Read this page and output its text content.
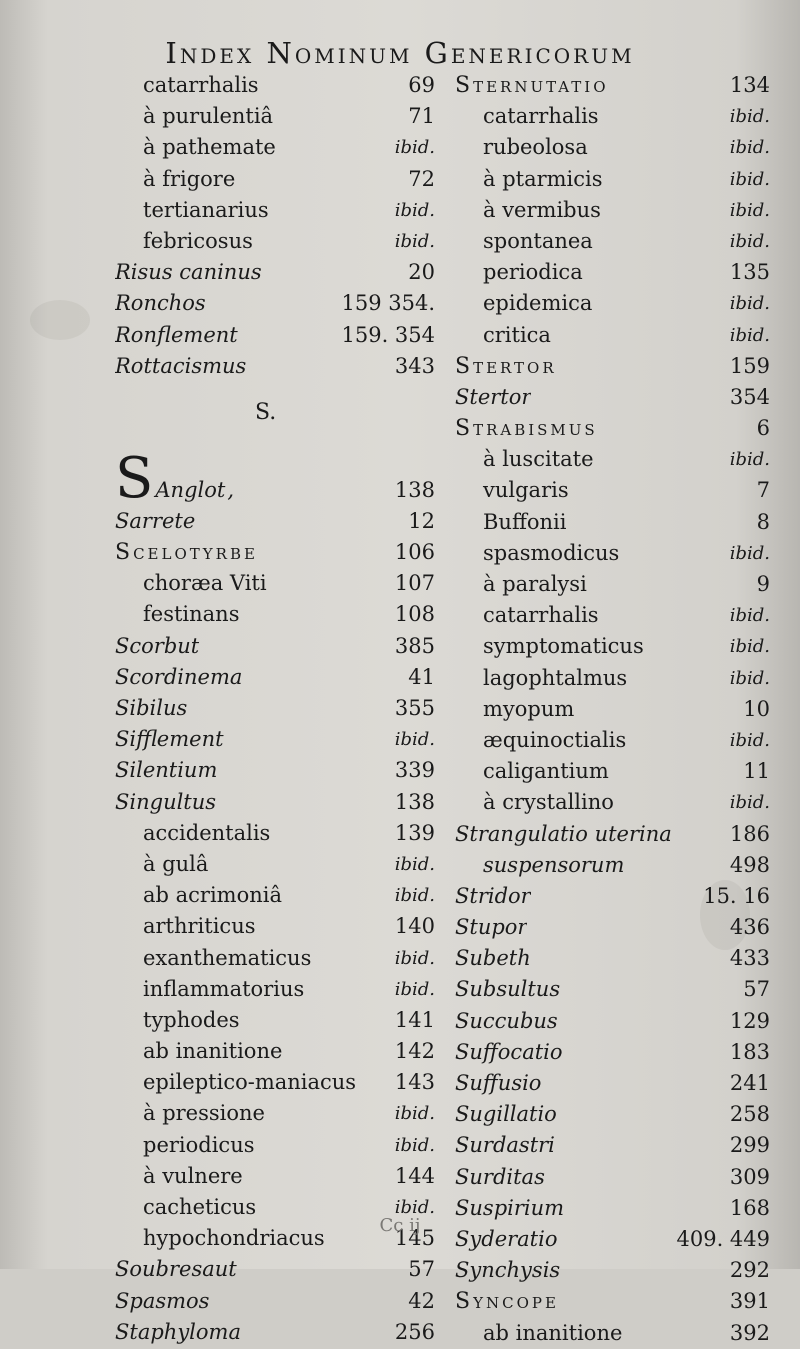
Index Nominum Genericorum
catarrhalis	69
à purulentiâ	71
à pathemate	ibid.
à frigore	72
tertianarius	ibid.
febricosus	ibid.
Risus caninus	20
Ronchos	159 354.
Ronflement	159. 354
Rottacismus	343
S.
SAnglot,	138
Sarrete	12
Scelotyrbe	106
choræa Viti	107
festinans	108
Scorbut	385
Scordinema	41
Sibilus	355
Sifflement	ibid.
Silentium	339
Singultus	138
accidentalis	139
à gulâ	ibid.
ab acrimoniâ	ibid.
arthriticus	140
exanthematicus	ibid.
inflammatorius	ibid.
typhodes	141
ab inanitione	142
epileptico-maniacus 143
à pressione	ibid.
periodicus	ibid.
à vulnere	144
cacheticus	ibid.
hypochondriacus	145
Soubresaut	57
Spasmos	42
Staphyloma	256
Sternutatio	134
catarrhalis	ibid.
rubeolosa	ibid.
à ptarmicis	ibid.
à vermibus	ibid.
spontanea	ibid.
periodica	135
epidemica	ibid.
critica	ibid.
Stertor	159
Stertor	354
Strabismus	6
à luscitate	ibid.
vulgaris	7
Buffonii	8
spasmodicus	ibid.
à paralysi	9
catarrhalis	ibid.
symptomaticus	ibid.
lagophtalmus	ibid.
myopum	10
æquinoctialis	ibid.
caligantium	11
à crystallino	ibid.
Strangulatio uterina	186
suspensorum	498
Stridor	15. 16
Stupor	436
Subeth	433
Subsultus	57
Succubus	129
Suffocatio	183
Suffusio	241
Sugillatio	258
Surdastri	299
Surditas	309
Suspirium	168
Syderatio	409. 449
Synchysis	292
Syncope	391
ab inanitione	392
Cc ij
